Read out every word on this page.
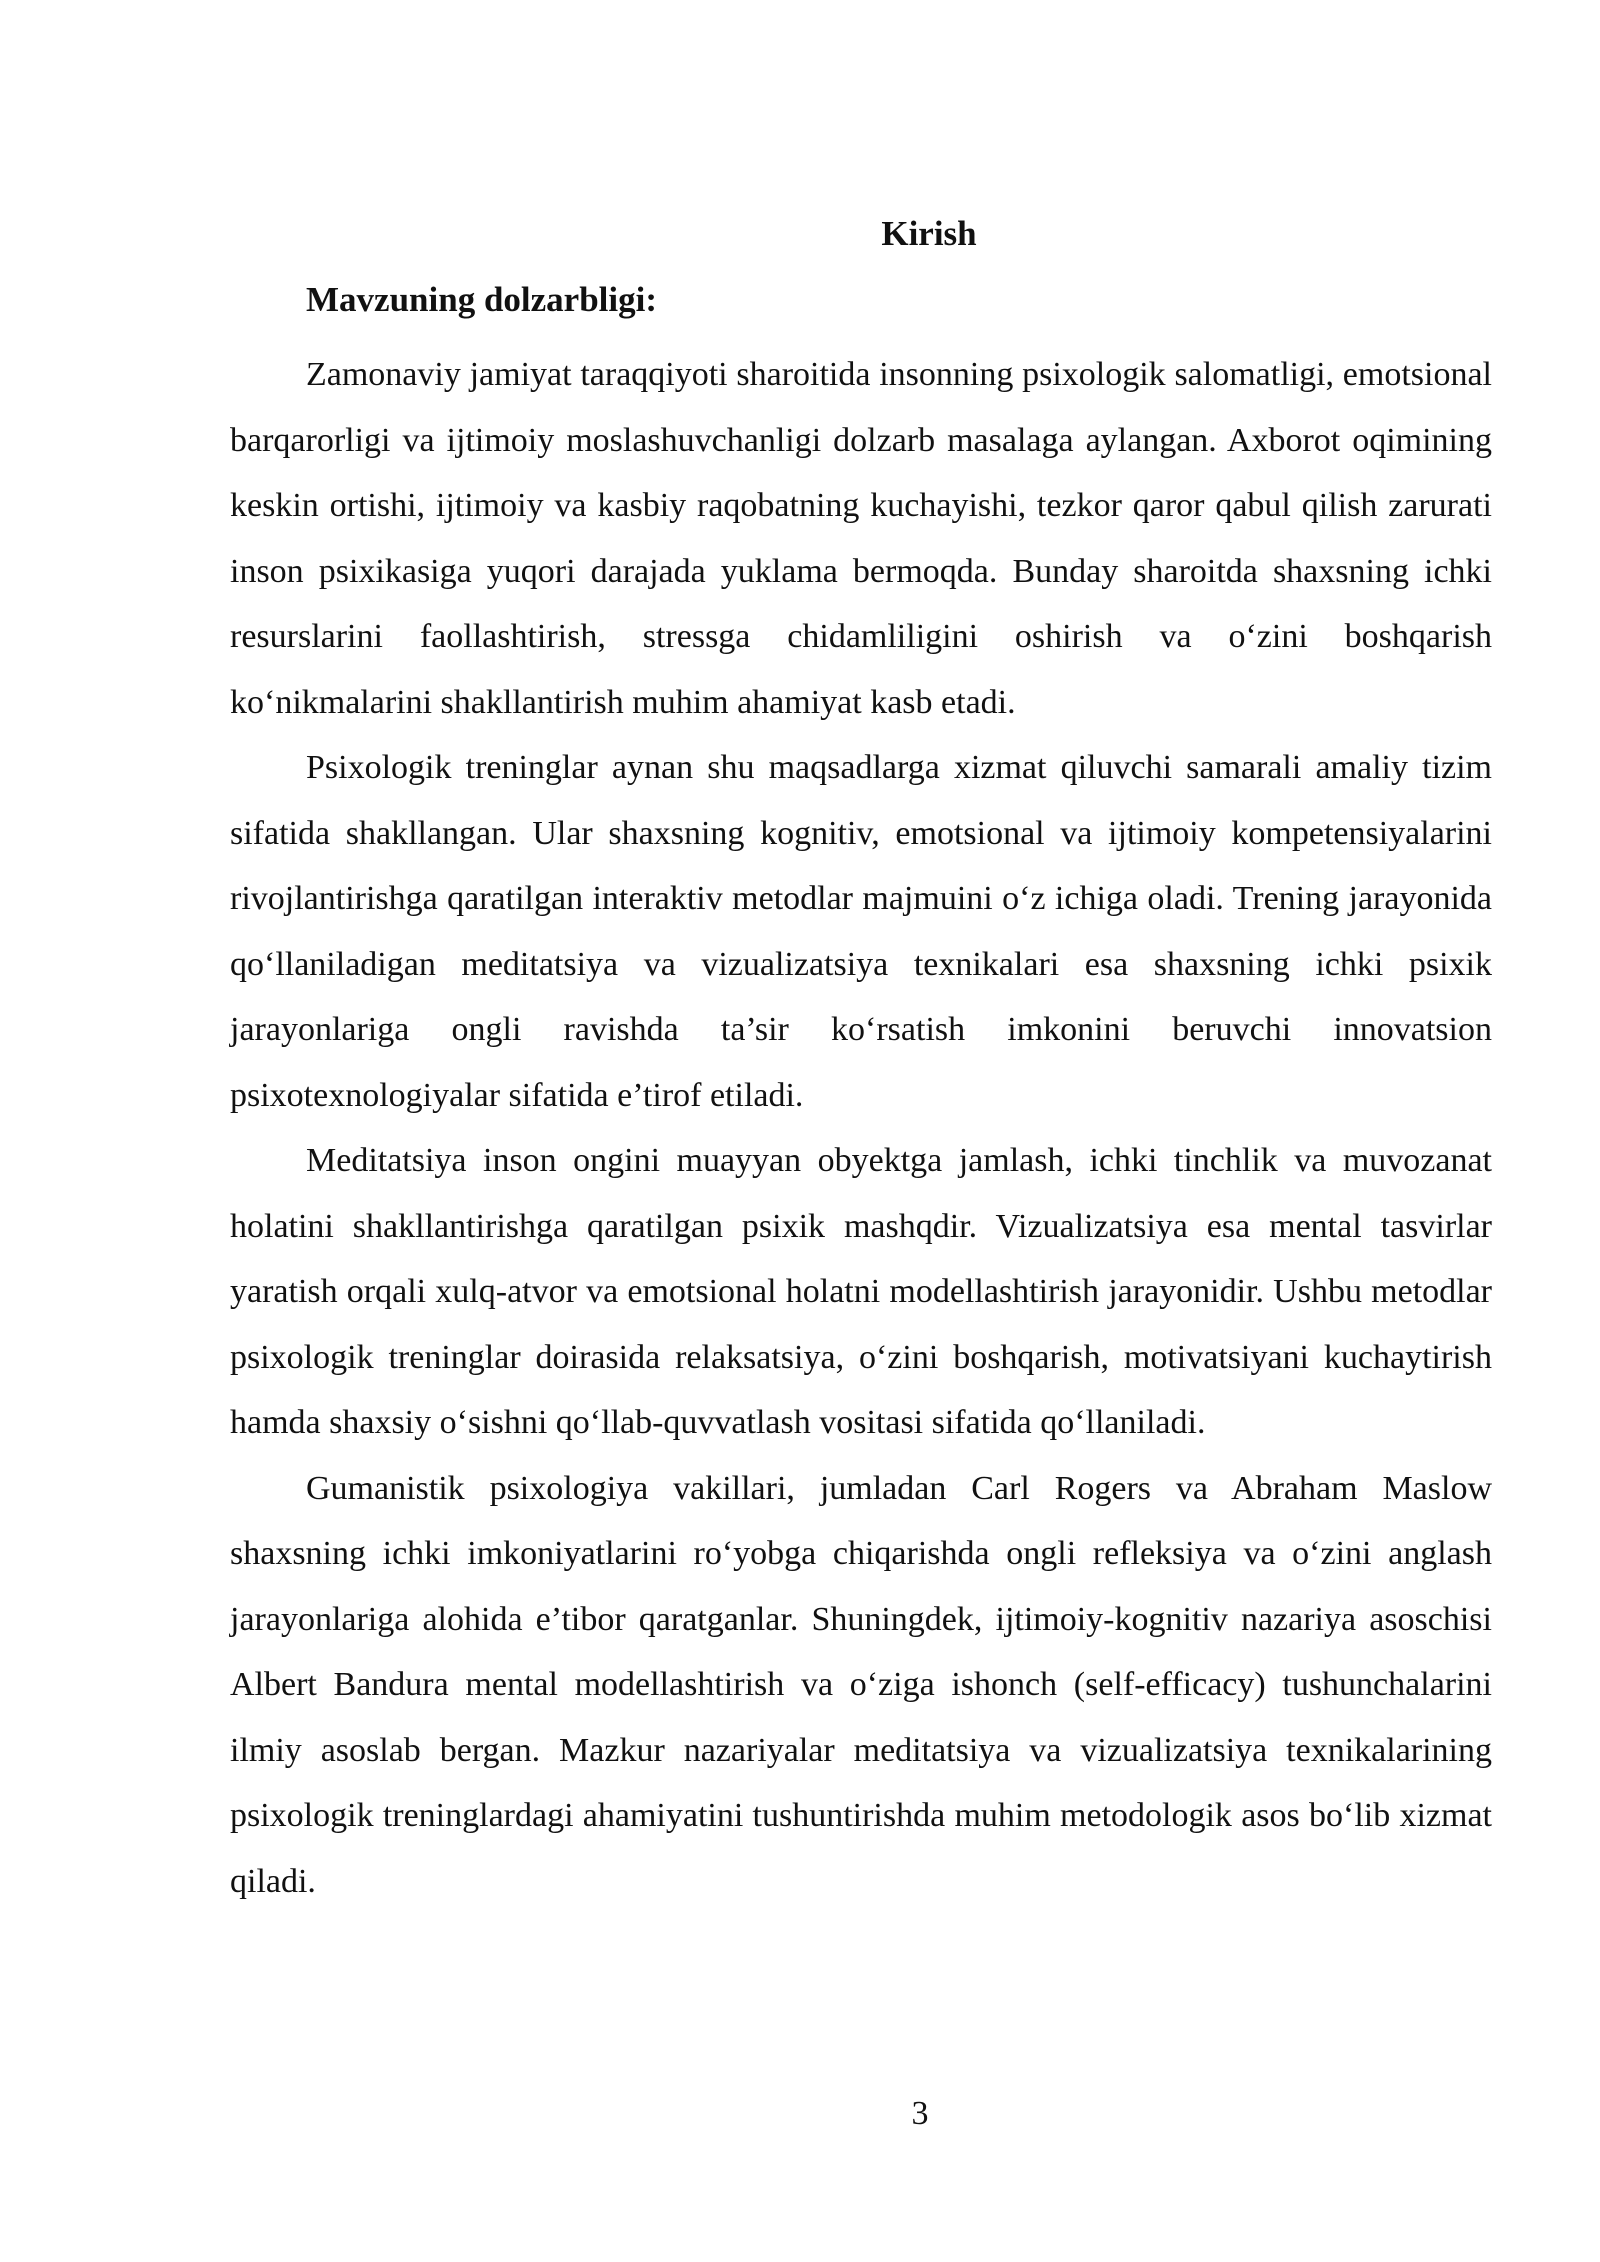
Kirish
Mavzuning dolzarbligi:

Zamonaviy jamiyat taraqqiyoti sharoitida insonning psixologik salomatligi, emotsional barqarorligi va ijtimoiy moslashuvchanligi dolzarb masalaga aylangan. Axborot oqimining keskin ortishi, ijtimoiy va kasbiy raqobatning kuchayishi, tezkor qaror qabul qilish zarurati inson psixikasiga yuqori darajada yuklama bermoqda. Bunday sharoitda shaxsning ichki resurslarini faollashtirish, stressga chidamliligini oshirish va o‘zini boshqarish ko‘nikmalarini shakllantirish muhim ahamiyat kasb etadi.

Psixologik treninglar aynan shu maqsadlarga xizmat qiluvchi samarali amaliy tizim sifatida shakllangan. Ular shaxsning kognitiv, emotsional va ijtimoiy kompetensiyalarini rivojlantirishga qaratilgan interaktiv metodlar majmuini o‘z ichiga oladi. Trening jarayonida qo‘llaniladigan meditatsiya va vizualizatsiya texnikalari esa shaxsning ichki psixik jarayonlariga ongli ravishda ta’sir ko‘rsatish imkonini beruvchi innovatsion psixotexnologiyalar sifatida e’tirof etiladi.

Meditatsiya inson ongini muayyan obyektga jamlash, ichki tinchlik va muvozanat holatini shakllantirishga qaratilgan psixik mashqdir. Vizualizatsiya esa mental tasvirlar yaratish orqali xulq-atvor va emotsional holatni modellashtirish jarayonidir. Ushbu metodlar psixologik treninglar doirasida relaksatsiya, o‘zini boshqarish, motivatsiyani kuchaytirish hamda shaxsiy o‘sishni qo‘llab-quvvatlash vositasi sifatida qo‘llaniladi.

Gumanistik psixologiya vakillari, jumladan Carl Rogers va Abraham Maslow shaxsning ichki imkoniyatlarini ro‘yobga chiqarishda ongli refleksiya va o‘zini anglash jarayonlariga alohida e’tibor qaratganlar. Shuningdek, ijtimoiy-kognitiv nazariya asoschisi Albert Bandura mental modellashtirish va o‘ziga ishonch (self-efficacy) tushunchalarini ilmiy asoslab bergan. Mazkur nazariyalar meditatsiya va vizualizatsiya texnikalarining psixologik treninglardagi ahamiyatini tushuntirishda muhim metodologik asos bo‘lib xizmat qiladi.

3
